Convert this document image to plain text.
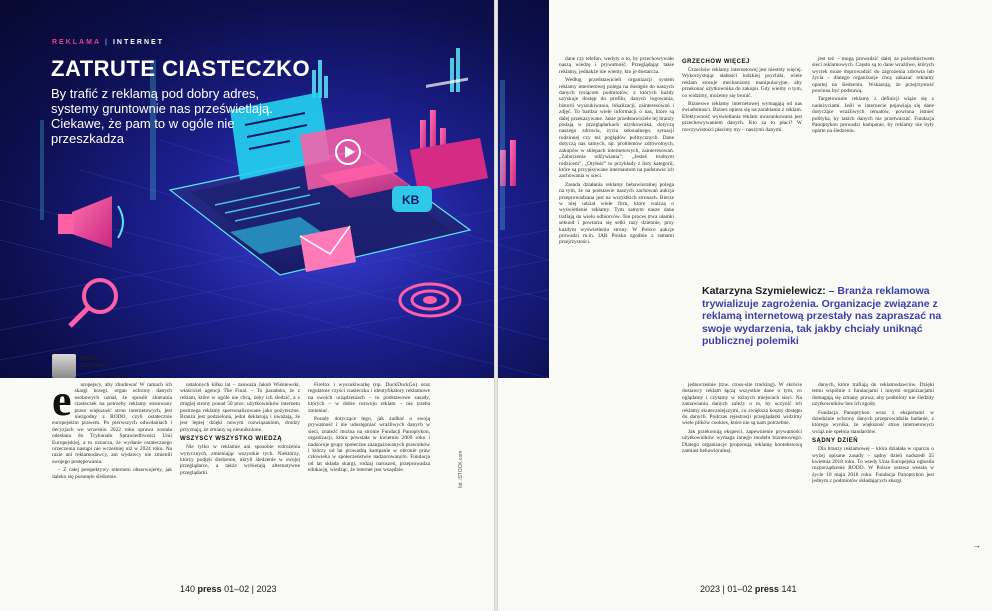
KB
REKLAMA | INTERNET
ZATRUTE CIASTECZKO
By trafić z reklamą pod dobry adres, systemy gruntownie nas prześwietlają. Ciekawe, że pam to w ogóle nie przeszkadza
PIOTR
ZIELIŃSKI
e	uropejscy, aby zbudować W ramach ich skargi brzegi. organ ochrony danych osobowych uznał, że sposób zbierania ciasteczek na potrzeby reklamy stosowany przez większość stron internetowych, jest niezgodny z RODO, czyli ostatecznie europejskim prawem. Po pierwszych odwołaniach i decyzjach we wrześniu 2022 roku sprawa została odesłana do Trybunału Sprawiedliwości Unii Europejskiej, a to oznacza, że wydanie ostatecznego orzeczenia nastąpi nie wcześniej niż w 2024 roku. Na razie ani reklamodawcy, ani wydawcy nie zmienili swojego postępowania.

– Z całej perspektywy internetu obserwujemy, jak daleko się posunęło śledzenie.

ustalonych kilku lat – zauważa Jakub Wiśniewski, właściciel agencji The Final. – To paradoks, że z reklam, które w ogóle nie chcą, żeby ich śledzić, a z drugiej strony ponad 50 proc. użytkowników internetu postrzega reklamy spersonalizowane jako pożyteczne. Branża jest podzielona, jedni deklarują i uważają, że jest lepiej dzięki nowym rozwiązaniom, drudzy przyznają, że zmiany są nieuniknione.

WSZYSCY WSZYSTKO WIEDZĄ

Nie tylko w reklamie ani sposobie wdrożenia wytycznych, zmieniając wszystkie tych. Niektórzy, którzy podjęli śledzenie, ukryli śledzenie w swojej przeglądarce, a także wybierają alternatywne przeglądarki.

Firefox i wyszukiwarkę (np. DuckDuckGo) oraz regularnie czyści ciasteczka i identyfikatory reklamowe na swoich urządzeniach – to podstawowe zasady, których – w dobie rozwoju reklam – nie trzeba zmieniać.

Porady dotyczące tego, jak zadbać o swoją prywatność i nie udostępniać wrażliwych danych w sieci, znaleźć można na stronie Fundacji Panoptykon, organizacji, która powstała w kwietniu 2009 roku i nadzoruje grupy społeczne zaangażowanych prawników i którzy od lat prowadzą kampanie w obronie praw człowieka w społeczeństwie nadzorowanym. Fundacja od lat składa skargi, rodzaj naruszeń, przeprowadza edukację, wiedząc, że internet jest wszędzie.	fot. iSTOCK.com

dane czy telefon, wedyty o to, by przechowywało naszą wiedzę i prywatność. Przeglądając takie reklamy, jednakże nie wiemy, kto je dostarcza.

Według przedstawicieli organizacji system reklamy internetowej polega na dostępie do naszych danych tysiącom podmiotów, z których każdy uzyskuje dostęp do profilu, danych logowania, historii wyszukiwania, lokalizacji, zainteresowań i zdjęć. To bardzo wiele informacji o nas, które są dalej przekazywane. Jakie przedstawiciele tej branży podają w przeglądarkach użytkownika, dotyczą naszego zdrowia, życia seksualnego, sytuacji rodzinnej czy też poglądów politycznych. Dane dotyczą nas samych, np. problemów zdrowotnych, zakupów w sklepach internetowych, zainteresowań. „Zaburzenia odżywiania”, „Jesteś trudnym rodzicem”, „Otyłość” to przykłady z listy kategorii, które są przypisywane internautom na podstawie ich zachowania w sieci.

Zasada działania reklamy behawioralnej polega na tym, że na podstawie naszych zachowań aukcja przeprowadzana jest na wszystkich stronach. Bierze w niej udział wiele firm, które walczą o wyświetlenie reklamy. Tym samym nasze dane trafiają do wielu odbiorców. Ten proces trwa ułamki sekund i powtarza się setki razy dziennie, przy każdym wyświetleniu strony. W Polsce aukcje prowadzi m.in. IAB Polska zgodnie z ramami przejrzystości.

GRZECHOW WIĘCEJ

Grzechów reklamy internetowej jest niestety więcej. Wykorzystując słabości ludzkiej psychiki, wiele reklam stosuje mechanizmy manipulacyjne, aby przekonać użytkownika do zakupu. Gdy wiemy o tym, co widzimy, możemy się bronić.

Bizneswe reklamy internetowej wymagają od nas świadomości. Biznes opiera się na zarabianiu z reklam. Efektywność wyświetlania reklam uwarunkowana jest przechowywaniem danych. Kto za to płaci? W rzeczywistości płacimy my – naszymi danymi.

jest też – mogą prowadzić dalej za pośrednictwem sieci reklamowych. Często są to dane wrażliwe, których wyciek może doprowadzić do zagrożenia zdrowia lub życia – dlatego organizacje chcą zakazać reklamy opartej na śledzeniu. Wskazują, że przejrzystość powinna być podstawą.

Targetowanie reklamy z definicji wiąże się z nadużyciami. Jeśli w internecie pojawiają się dane dotyczące wrażliwych tematów, powinna istnieć polityka, by takich danych nie przetwarzać. Fundacja Panoptykon prowadzi kampanie, by reklamy nie były oparte na śledzeniu.

Katarzyna Szymielewicz: – Branża reklamowa trywializuje zagrożenia. Organizacje związane z reklamą internetową przestały nas zapraszać na swoje wydarzenia, tak jakby chciały uniknąć publicznej polemiki

jednocześnie (tzw. cross-site tracking). W skrócie dostawcy reklam łączą wszystkie dane o tym, co oglądamy i czytamy w różnych miejscach sieci. Na zamawianiu danych zależy o to, by uczynić ich reklamy skuteczniejszymi, co zwiększa koszty dostępu do danych. Podczas rejestracji przeglądarki widzimy wiele plików cookies, które nie są nam potrzebne.

Jak przekonują eksperci, zapewnienie prywatności użytkowników wymaga innego modelu biznesowego. Dlatego organizacje proponują reklamę kontekstową zamiast behawioralnej.

danych, które trafiają do reklamodawców. Dzięki temu wspólnie z fundacjami i innymi organizacjami domagają się zmiany prawa, aby podmioty nie śledziły użytkowników bez ich zgody.

Fundacja Panoptykon wraz z ekspertami w dziedzinie ochrony danych przeprowadziła badanie, z którego wynika, że większość stron internetowych wciąż nie spełnia standardów.

SĄDNY DZIEŃ

Dla branży reklamowej – która działała w oparciu o wyżej opisane zasady – sądny dzień nadszedł 25 kwietnia 2018 roku. To wtedy Unia Europejska ogłosiła rozporządzenie RODO. W Polsce ustawa weszła w życie 10 maja 2018 roku. Fundacja Panoptykon jest jednym z podmiotów składających skargi.

→
140 press 01–02 | 2023	2023 | 01–02 press 141
